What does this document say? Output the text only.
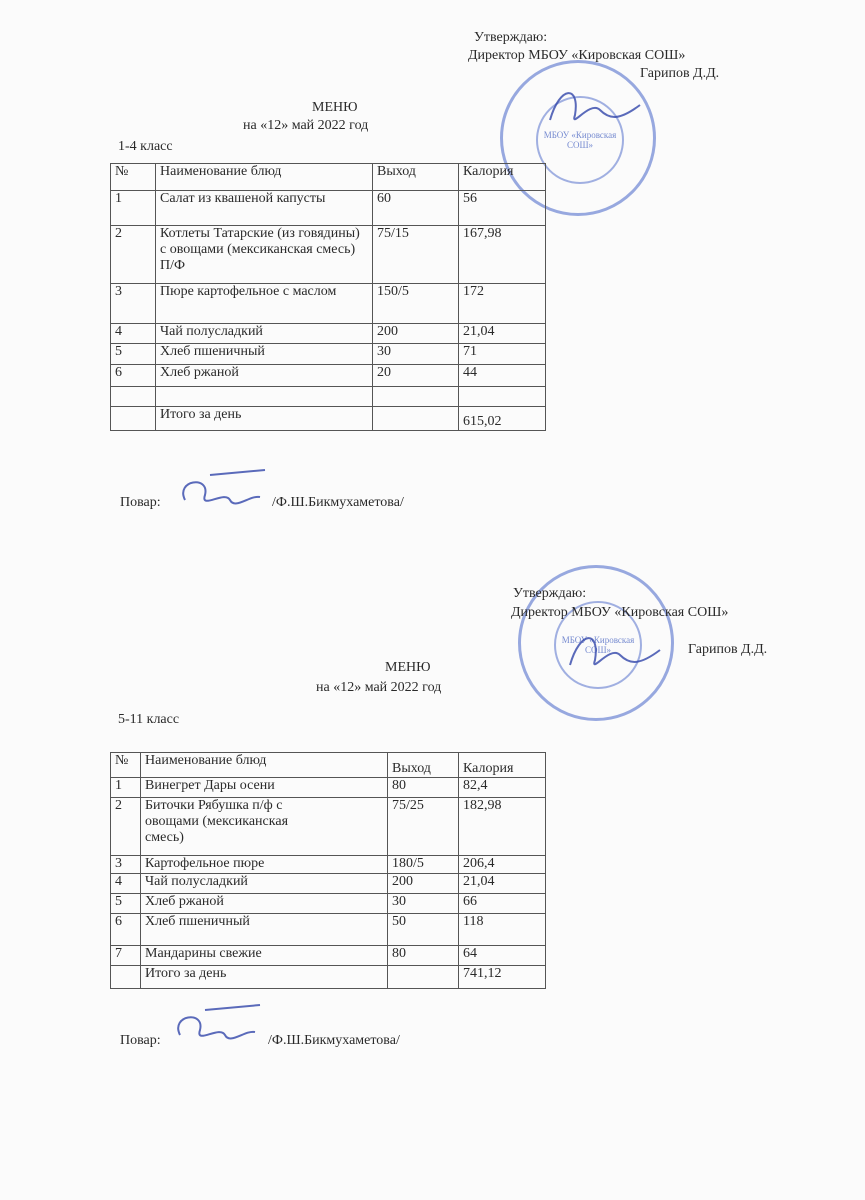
МБОУ «Кировская СОШ»
Утверждаю:
Директор МБОУ «Кировская СОШ»
Гарипов Д.Д.
МЕНЮ
на «12» май 2022 год
1-4 класс
№	Наименование блюд	Выход	Калория
1	Салат из квашеной капусты	60	56
2	Котлеты Татарские (из говядины) с овощами (мексиканская смесь) П/Ф	75/15	167,98
3	Пюре картофельное с маслом	150/5	172
4	Чай полусладкий	200	21,04
5	Хлеб пшеничный	30	71
6	Хлеб ржаной	20	44

	Итого за день		615,02
Повар:	/Ф.Ш.Бикмухаметова/
МБОУ «Кировская СОШ»
Утверждаю:
Директор МБОУ «Кировская СОШ»
Гарипов Д.Д.
МЕНЮ
на «12» май 2022 год
5-11 класс
№	Наименование блюд	Выход	Калория
1	Винегрет Дары осени	80	82,4
2	Биточки Рябушка п/ф с овощами (мексиканская смесь)	75/25	182,98
3	Картофельное пюре	180/5	206,4
4	Чай полусладкий	200	21,04
5	Хлеб ржаной	30	66
6	Хлеб пшеничный	50	118
7	Мандарины свежие	80	64
	Итого за день		741,12
Повар:	/Ф.Ш.Бикмухаметова/
